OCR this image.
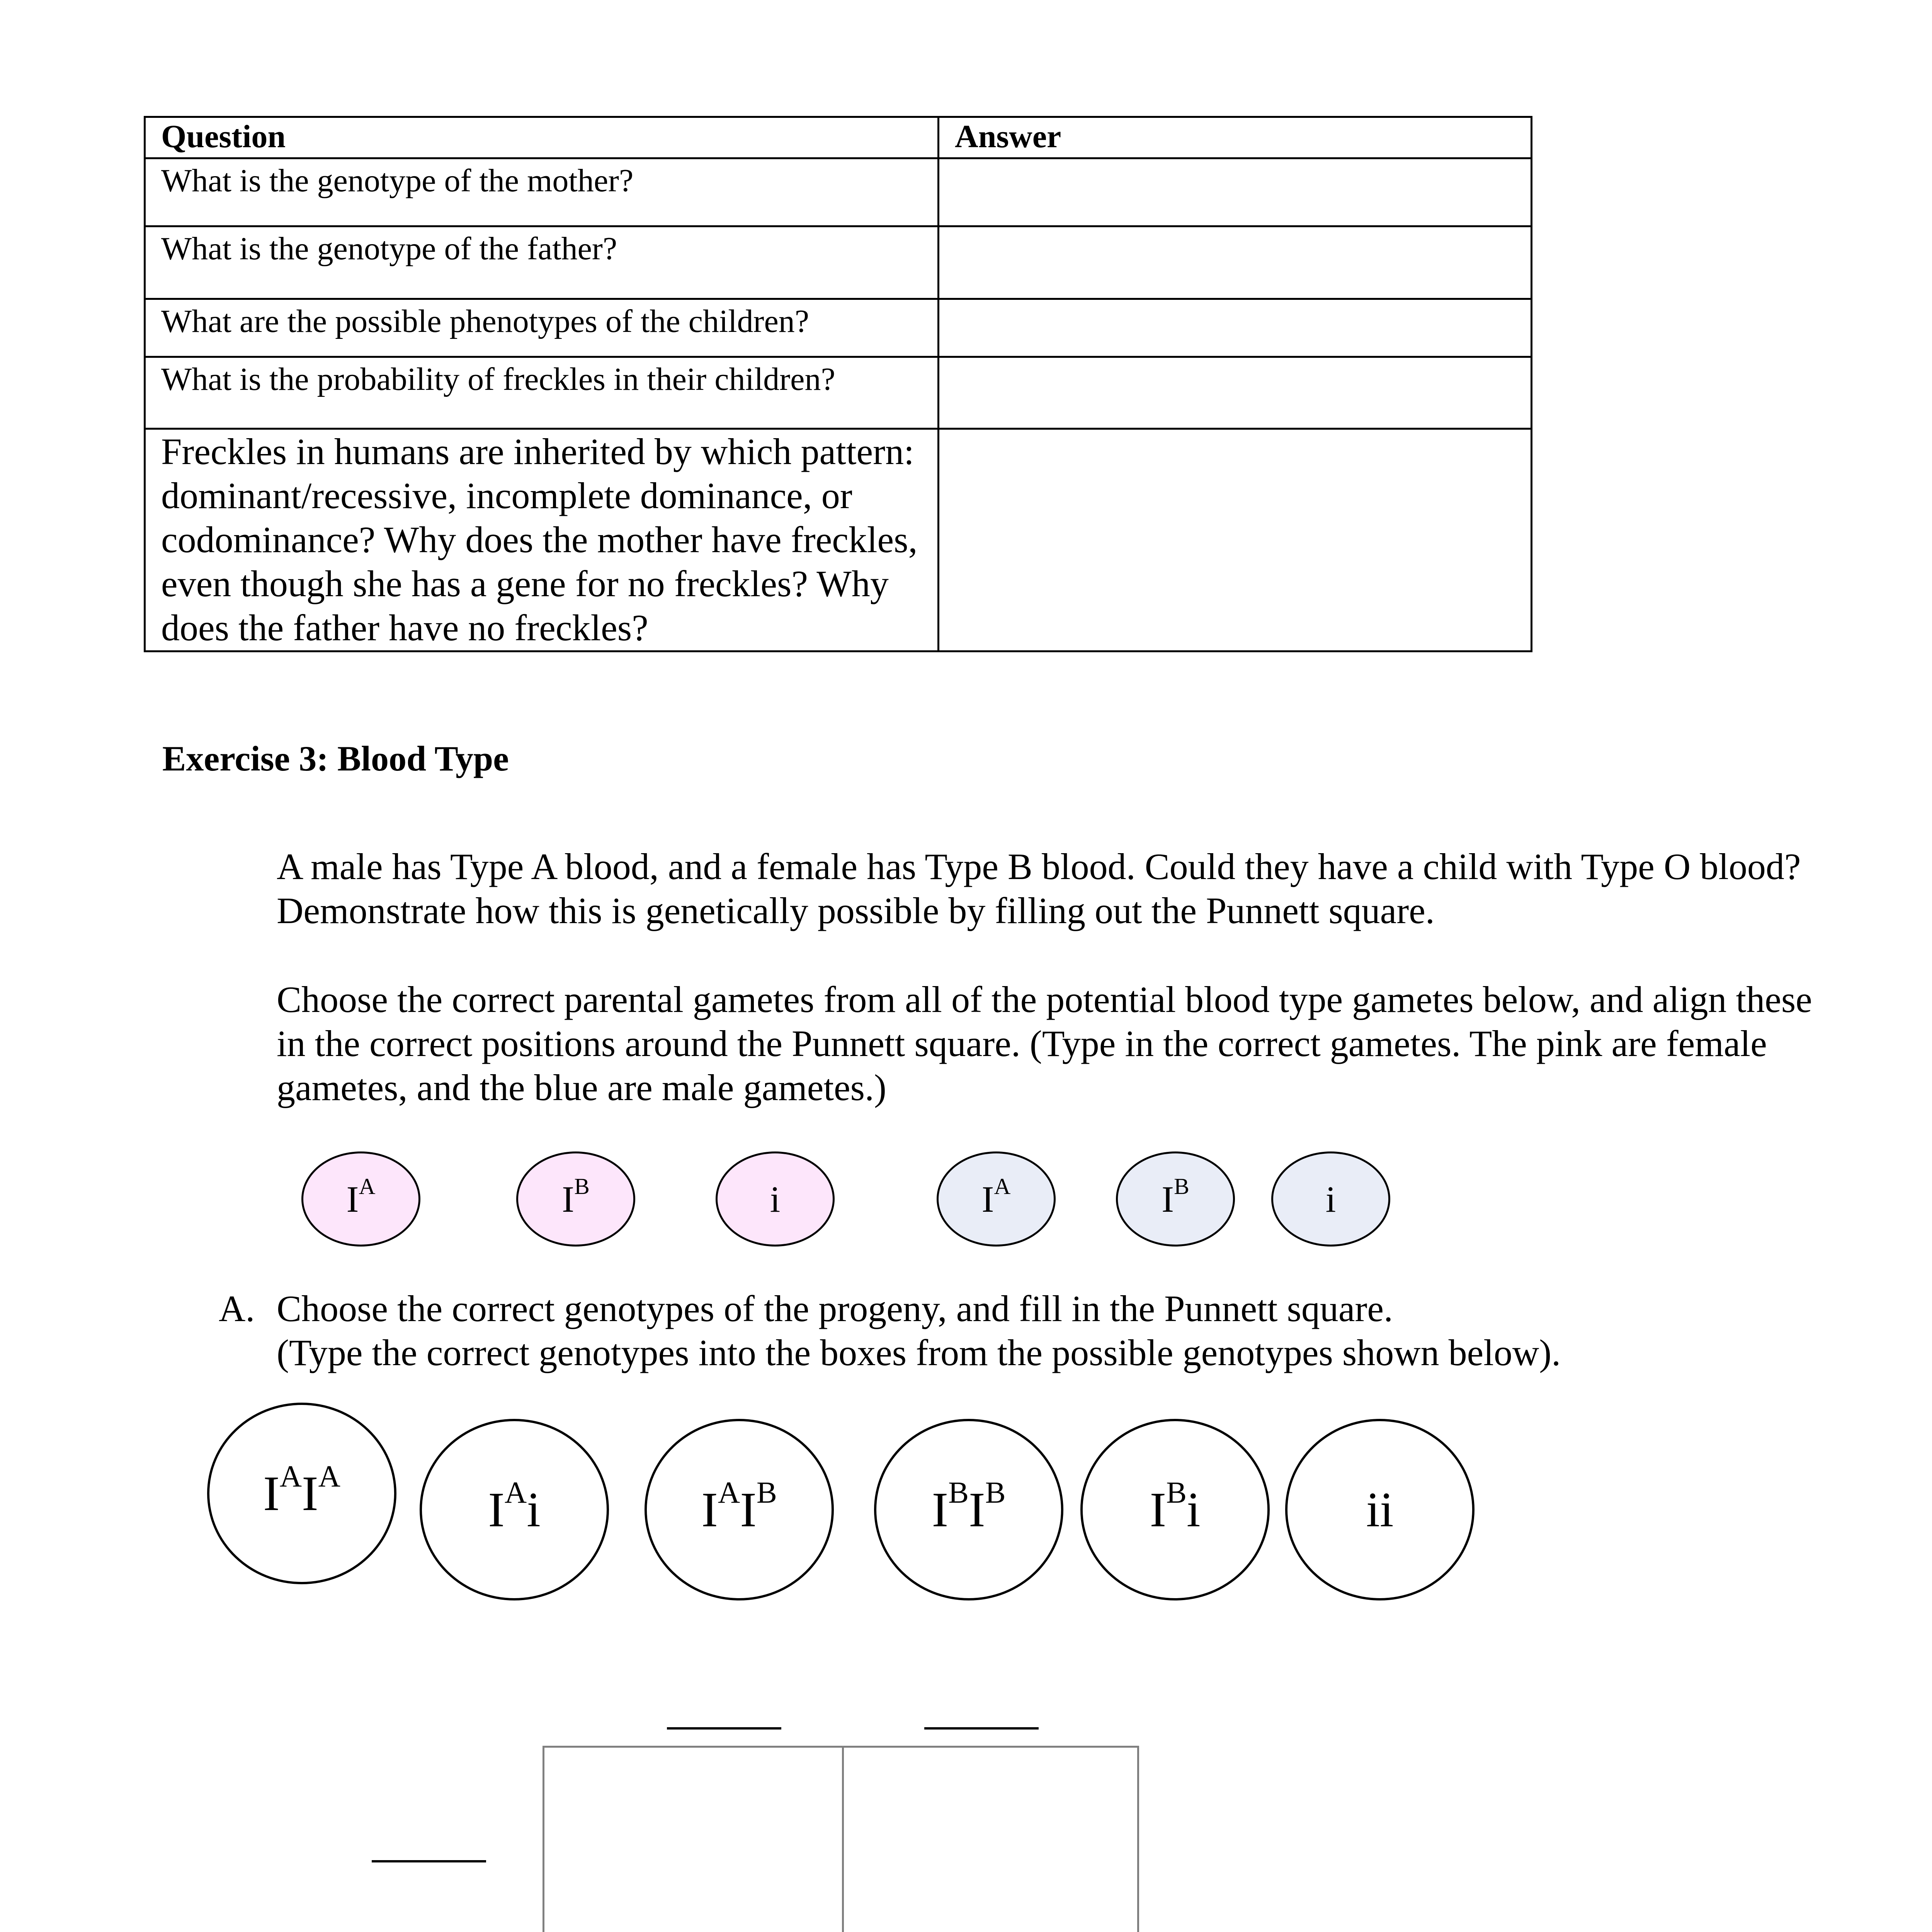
Question	Answer
What is the genotype of the mother?	
What is the genotype of the father?	
What are the possible phenotypes of the children?	
What is the probability of freckles in their children?	
Freckles in humans are inherited by which pattern: dominant/recessive, incomplete dominance, or codominance? Why does the mother have freckles, even though she has a gene for no freckles? Why does the father have no freckles?	
Exercise 3: Blood Type
A male has Type A blood, and a female has Type B blood. Could they have a child with Type O blood? Demonstrate how this is genetically possible by filling out the Punnett square.
Choose the correct parental gametes from all of the potential blood type gametes below, and align these in the correct positions around the Punnett square. (Type in the correct gametes. The pink are female gametes, and the blue are male gametes.)
$I^A$	$I^B$	i	$I^A$	$I^B$	i
A. Choose the correct genotypes of the progeny, and fill in the Punnett square.
(Type the correct genotypes into the boxes from the possible genotypes shown below).
$I^A$ $I^A$
$I^A$ i	$I^A$ $I^B$	$I^B$ $I^B$	$I^B$ i	ii
